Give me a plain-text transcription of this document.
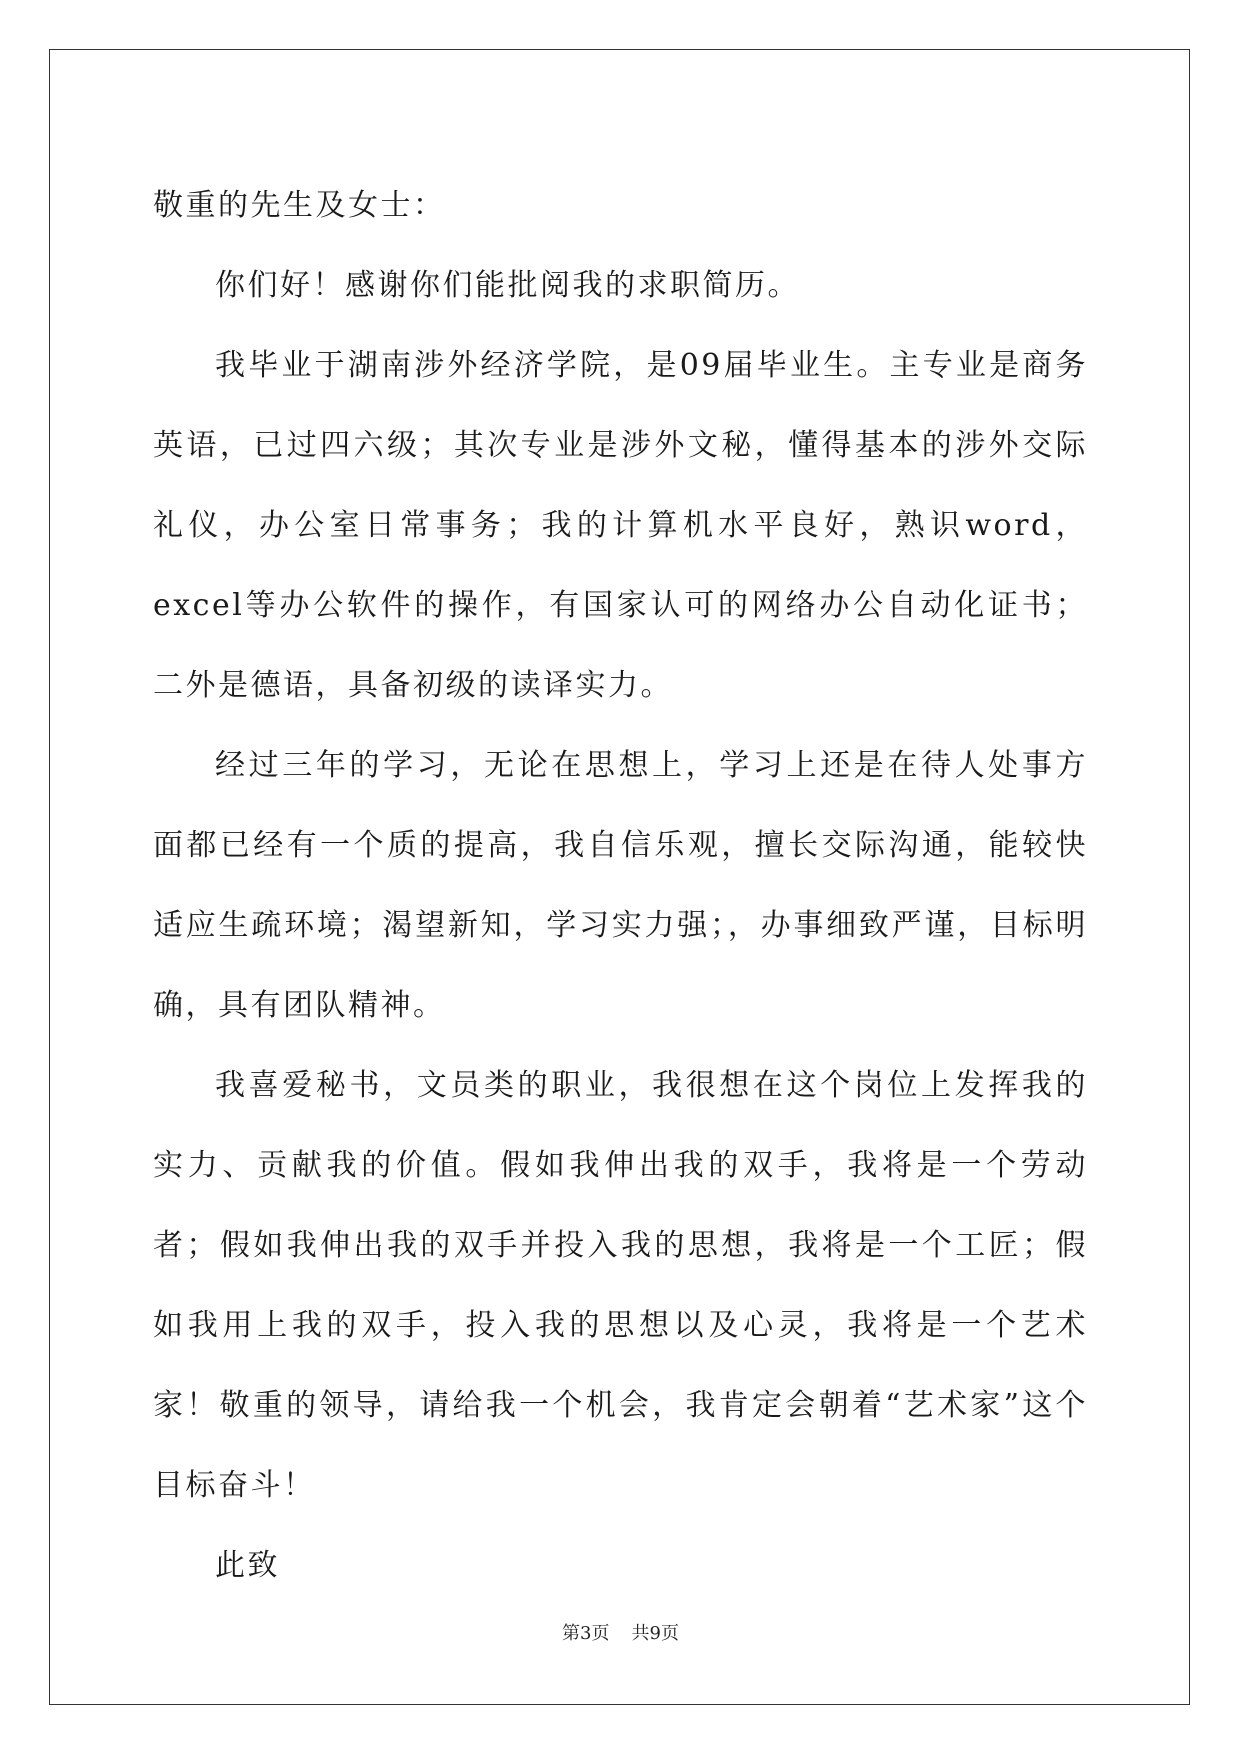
敬重的先生及女士：

你们好！感谢你们能批阅我的求职简历。

我毕业于湖南涉外经济学院，是09届毕业生。主专业是商务英语，已过四六级；其次专业是涉外文秘，懂得基本的涉外交际礼仪，办公室日常事务；我的计算机水平良好，熟识word，excel等办公软件的操作，有国家认可的网络办公自动化证书；二外是德语，具备初级的读译实力。

经过三年的学习，无论在思想上，学习上还是在待人处事方面都已经有一个质的提高，我自信乐观，擅长交际沟通，能较快适应生疏环境；渴望新知，学习实力强；，办事细致严谨，目标明确，具有团队精神。

我喜爱秘书，文员类的职业，我很想在这个岗位上发挥我的实力、贡献我的价值。假如我伸出我的双手，我将是一个劳动者；假如我伸出我的双手并投入我的思想，我将是一个工匠；假如我用上我的双手，投入我的思想以及心灵，我将是一个艺术家！敬重的领导，请给我一个机会，我肯定会朝着“艺术家”这个目标奋斗！

此致

第3页 共9页
